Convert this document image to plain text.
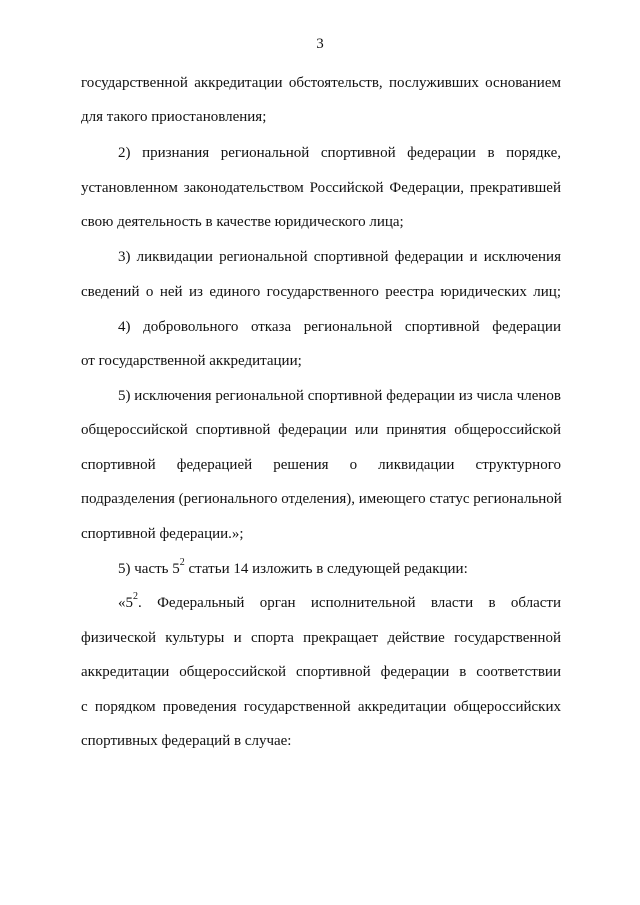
3
государственной аккредитации обстоятельств, послуживших основанием
для такого приостановления;
2) признания региональной спортивной федерации в порядке,
установленном законодательством Российской Федерации, прекратившей
свою деятельность в качестве юридического лица;
3) ликвидации региональной спортивной федерации и исключения
сведений о ней из единого государственного реестра юридических лиц;
4) добровольного отказа региональной спортивной федерации
от государственной аккредитации;
5) исключения региональной спортивной федерации из числа членов
общероссийской спортивной федерации или принятия общероссийской
спортивной федерацией решения о ликвидации структурного
подразделения (регионального отделения), имеющего статус региональной
спортивной федерации.»;
5) часть $5^2$ статьи 14 изложить в следующей редакции:
«$5^2$. Федеральный орган исполнительной власти в области
физической культуры и спорта прекращает действие государственной
аккредитации общероссийской спортивной федерации в соответствии
с порядком проведения государственной аккредитации общероссийских
спортивных федераций в случае:
